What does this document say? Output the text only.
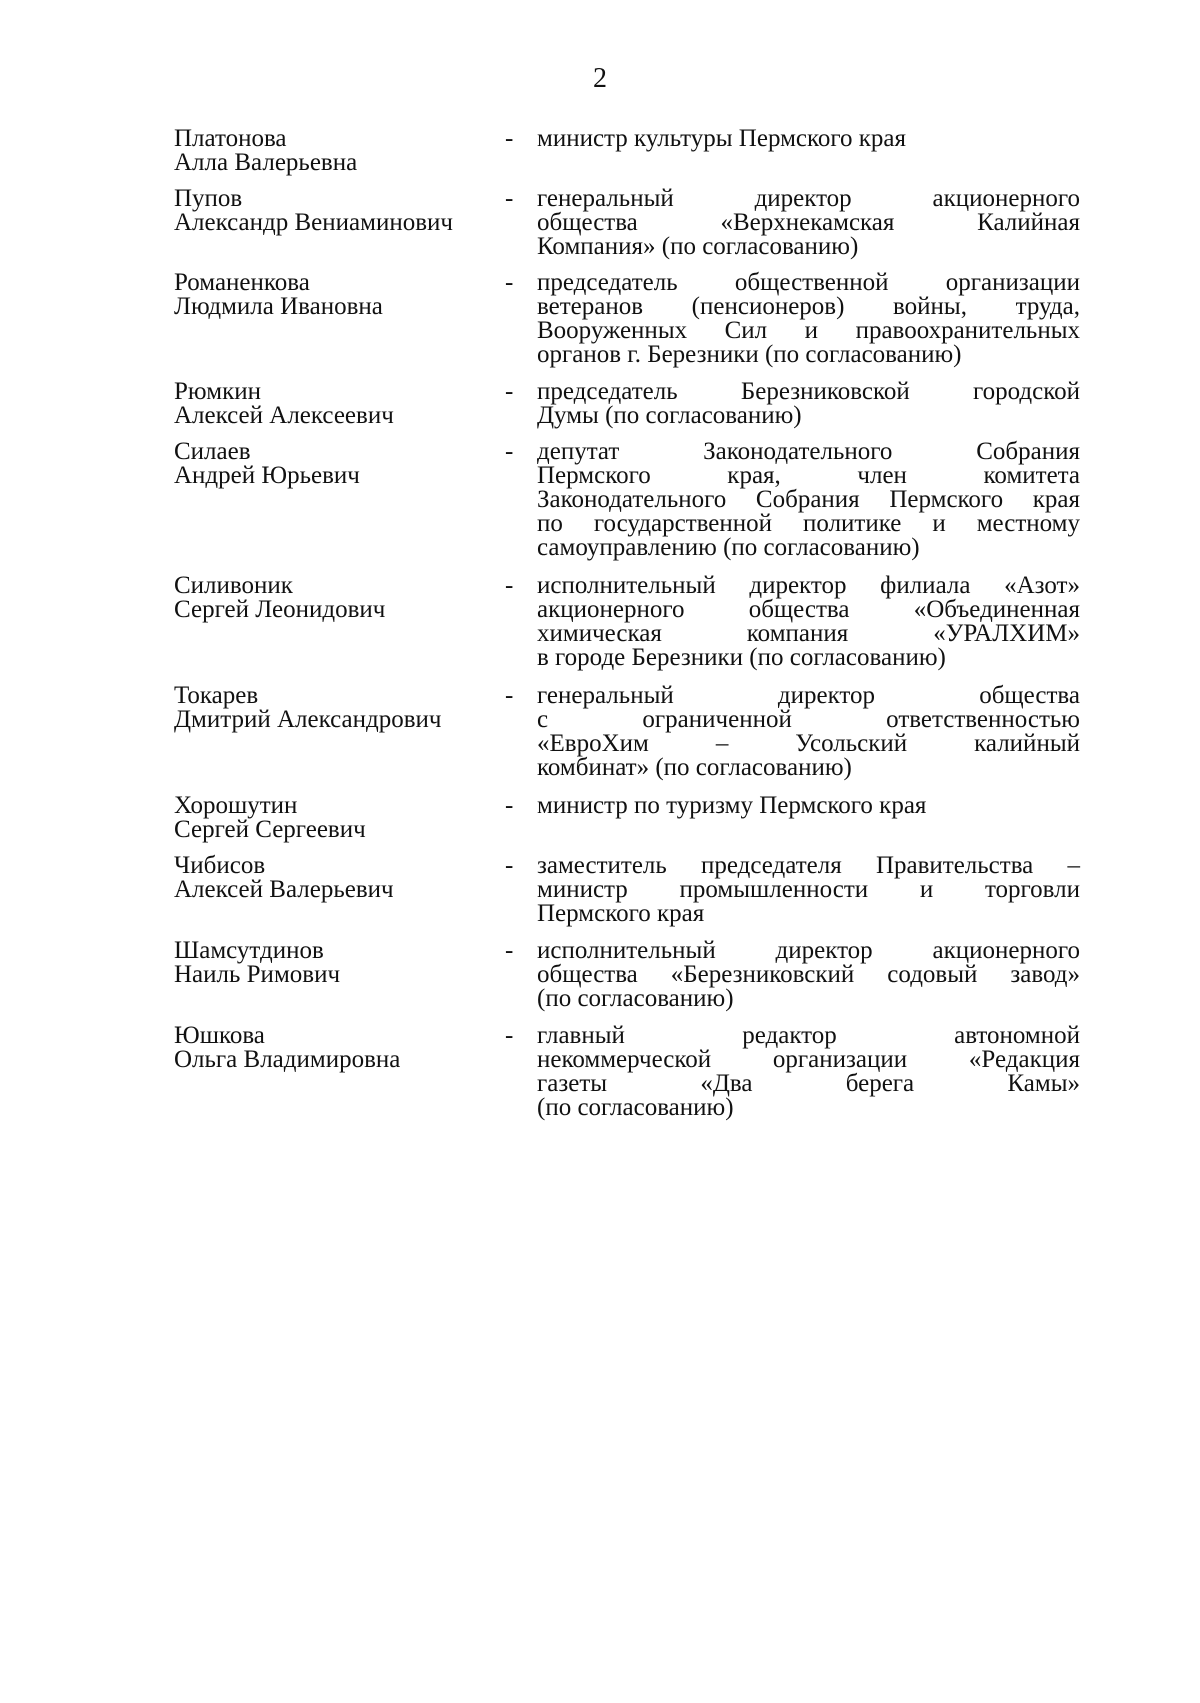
2
Платонова
Алла Валерьевна
- министр культуры Пермского края
Пупов
Александр Вениаминович
- генеральный директор акционерного
общества «Верхнекамская Калийная
Компания» (по согласованию)
Романенкова
Людмила Ивановна
- председатель общественной организации
ветеранов (пенсионеров) войны, труда,
Вооруженных Сил и правоохранительных
органов г. Березники (по согласованию)
Рюмкин
Алексей Алексеевич
- председатель Березниковской городской
Думы (по согласованию)
Силаев
Андрей Юрьевич
- депутат Законодательного Собрания
Пермского края, член комитета
Законодательного Собрания Пермского края
по государственной политике и местному
самоуправлению (по согласованию)
Силивоник
Сергей Леонидович
- исполнительный директор филиала «Азот»
акционерного общества «Объединенная
химическая компания «УРАЛХИМ»
в городе Березники (по согласованию)
Токарев
Дмитрий Александрович
- генеральный директор общества
с ограниченной ответственностью
«ЕвроХим – Усольский калийный
комбинат» (по согласованию)
Хорошутин
Сергей Сергеевич
- министр по туризму Пермского края
Чибисов
Алексей Валерьевич
- заместитель председателя Правительства –
министр промышленности и торговли
Пермского края
Шамсутдинов
Наиль Римович
- исполнительный директор акционерного
общества «Березниковский содовый завод»
(по согласованию)
Юшкова
Ольга Владимировна
- главный редактор автономной
некоммерческой организации «Редакция
газеты «Два берега Камы»
(по согласованию)
